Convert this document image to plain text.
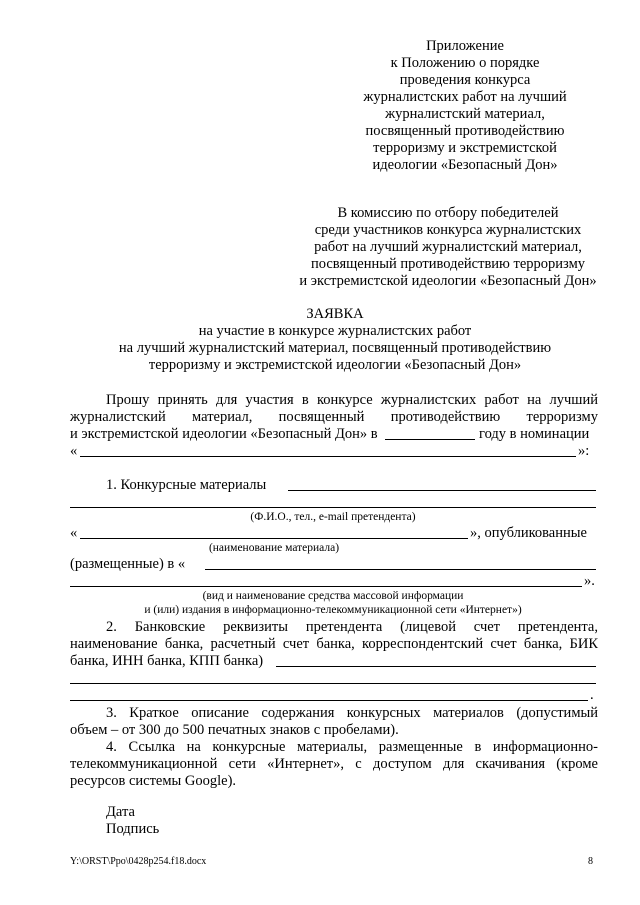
Приложение
к Положению о порядке
проведения конкурса
журналистских работ на лучший
журналистский материал,
посвященный противодействию
терроризму и экстремистской
идеологии «Безопасный Дон»
В комиссию по отбору победителей
среди участников конкурса журналистских
работ на лучший журналистский материал,
посвященный противодействию терроризму
и экстремистской идеологии «Безопасный Дон»
ЗАЯВКА
на участие в конкурсе журналистских работ
на лучший журналистский материал, посвященный противодействию
терроризму и экстремистской идеологии «Безопасный Дон»
Прошу принять для участия в конкурсе журналистских работ на лучший
журналистский материал, посвященный противодействию терроризму
и экстремистской идеологии «Безопасный Дон» в	году в номинации
«	»:
1. Конкурсные материалы
(Ф.И.О., тел., e-mail претендента)
«	», опубликованные
(наименование материала)
(размещенные) в «
».
(вид и наименование средства массовой информации
и (или) издания в информационно-телекоммуникационной сети «Интернет»)
2. Банковские реквизиты претендента (лицевой счет претендента,
наименование банка, расчетный счет банка, корреспондентский счет банка, БИК
банка, ИНН банка, КПП банка)
.
3. Краткое описание содержания конкурсных материалов (допустимый
объем – от 300 до 500 печатных знаков с пробелами).
4. Ссылка на конкурсные материалы, размещенные в информационно-
телекоммуникационной сети «Интернет», с доступом для скачивания (кроме
ресурсов системы Google).
Дата
Подпись
Y:\ORST\Ppo\0428p254.f18.docx	8
